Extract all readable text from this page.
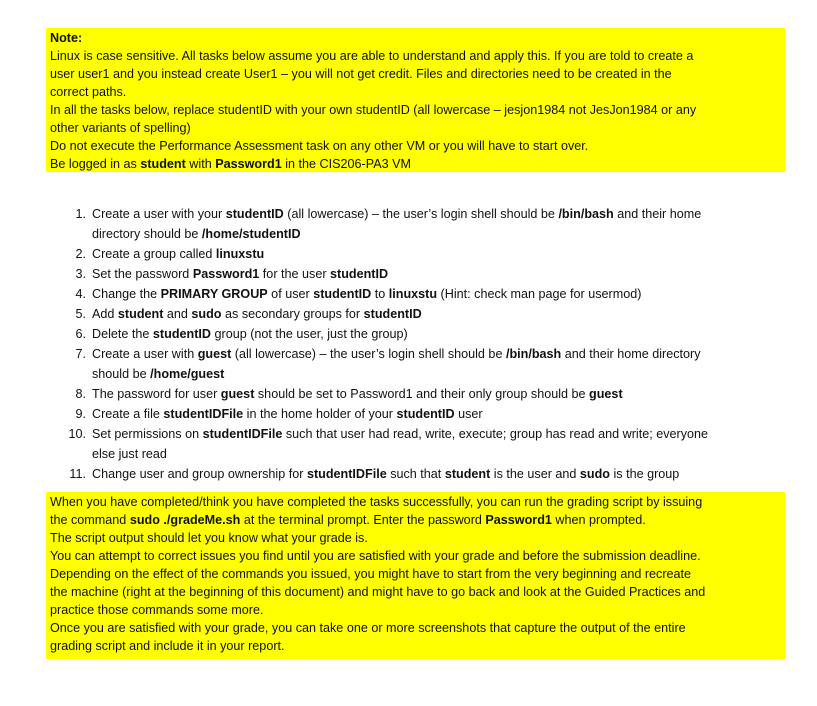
Note:
Linux is case sensitive. All tasks below assume you are able to understand and apply this. If you are told to create a
user user1 and you instead create User1 – you will not get credit. Files and directories need to be created in the
correct paths.
In all the tasks below, replace studentID with your own studentID (all lowercase – jesjon1984 not JesJon1984 or any
other variants of spelling)
Do not execute the Performance Assessment task on any other VM or you will have to start over.
Be logged in as student with Password1 in the CIS206-PA3 VM
1. Create a user with your studentID (all lowercase) – the user’s login shell should be /bin/bash and their home
directory should be /home/studentID
2. Create a group called linuxstu
3. Set the password Password1 for the user studentID
4. Change the PRIMARY GROUP of user studentID to linuxstu (Hint: check man page for usermod)
5. Add student and sudo as secondary groups for studentID
6. Delete the studentID group (not the user, just the group)
7. Create a user with guest (all lowercase) – the user’s login shell should be /bin/bash and their home directory
should be /home/guest
8. The password for user guest should be set to Password1 and their only group should be guest
9. Create a file studentIDFile in the home holder of your studentID user
10. Set permissions on studentIDFile such that user had read, write, execute; group has read and write; everyone
else just read
11. Change user and group ownership for studentIDFile such that student is the user and sudo is the group
When you have completed/think you have completed the tasks successfully, you can run the grading script by issuing
the command sudo ./gradeMe.sh at the terminal prompt. Enter the password Password1 when prompted.
The script output should let you know what your grade is.
You can attempt to correct issues you find until you are satisfied with your grade and before the submission deadline.
Depending on the effect of the commands you issued, you might have to start from the very beginning and recreate
the machine (right at the beginning of this document) and might have to go back and look at the Guided Practices and
practice those commands some more.
Once you are satisfied with your grade, you can take one or more screenshots that capture the output of the entire
grading script and include it in your report.
